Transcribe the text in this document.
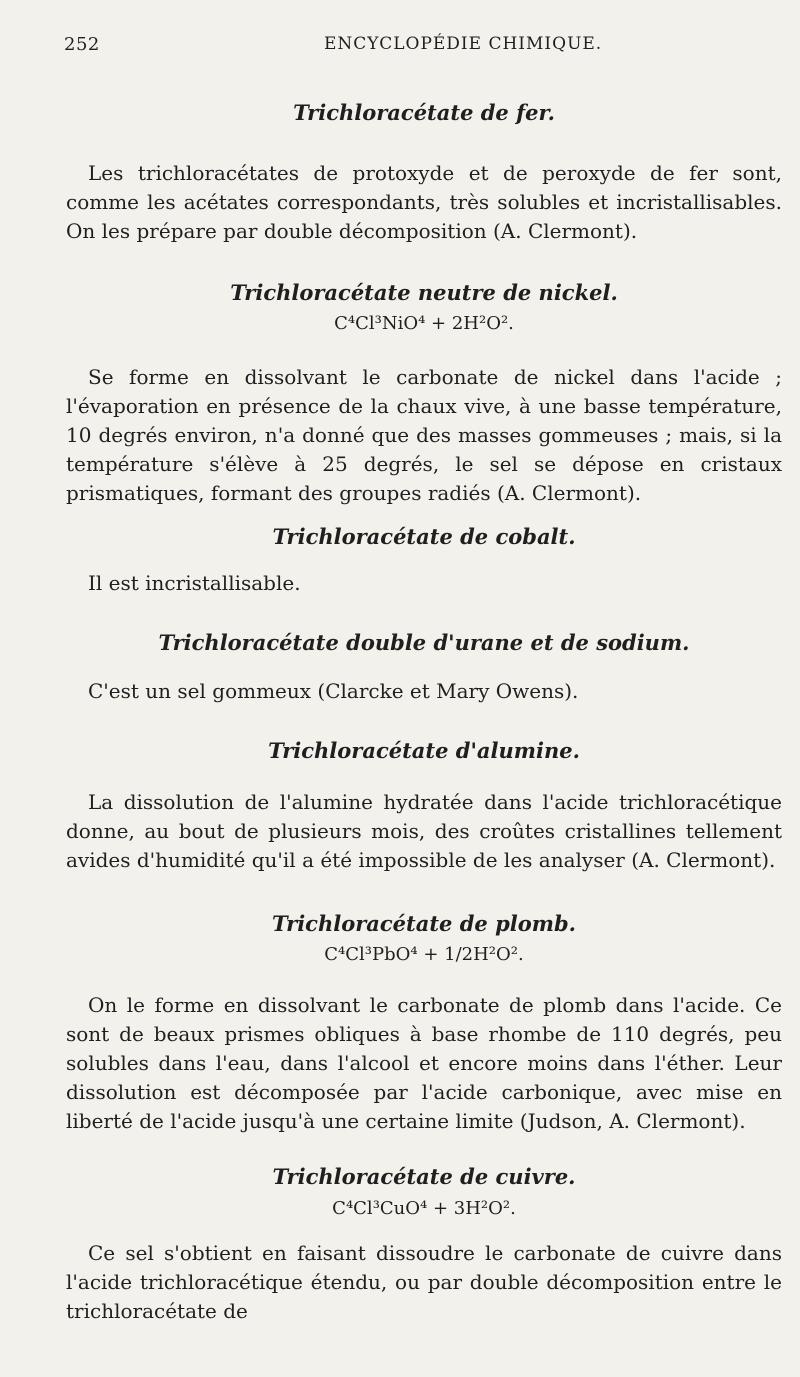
252	ENCYCLOPÉDIE CHIMIQUE.
Trichloracétate de fer.

Les trichloracétates de protoxyde et de peroxyde de fer sont, comme les acétates correspondants, très solubles et incristallisables. On les prépare par double décomposition (A. Clermont).

Trichloracétate neutre de nickel.
C⁴Cl³NiO⁴ + 2H²O².

Se forme en dissolvant le carbonate de nickel dans l'acide ; l'évaporation en présence de la chaux vive, à une basse température, 10 degrés environ, n'a donné que des masses gommeuses ; mais, si la température s'élève à 25 degrés, le sel se dépose en cristaux prismatiques, formant des groupes radiés (A. Clermont).

Trichloracétate de cobalt.

Il est incristallisable.

Trichloracétate double d'urane et de sodium.

C'est un sel gommeux (Clarcke et Mary Owens).

Trichloracétate d'alumine.

La dissolution de l'alumine hydratée dans l'acide trichloracétique donne, au bout de plusieurs mois, des croûtes cristallines tellement avides d'humidité qu'il a été impossible de les analyser (A. Clermont).

Trichloracétate de plomb.
C⁴Cl³PbO⁴ + 1/2H²O².

On le forme en dissolvant le carbonate de plomb dans l'acide. Ce sont de beaux prismes obliques à base rhombe de 110 degrés, peu solubles dans l'eau, dans l'alcool et encore moins dans l'éther. Leur dissolution est décomposée par l'acide carbonique, avec mise en liberté de l'acide jusqu'à une certaine limite (Judson, A. Clermont).

Trichloracétate de cuivre.
C⁴Cl³CuO⁴ + 3H²O².

Ce sel s'obtient en faisant dissoudre le carbonate de cuivre dans l'acide trichloracétique étendu, ou par double décomposition entre le trichloracétate de
